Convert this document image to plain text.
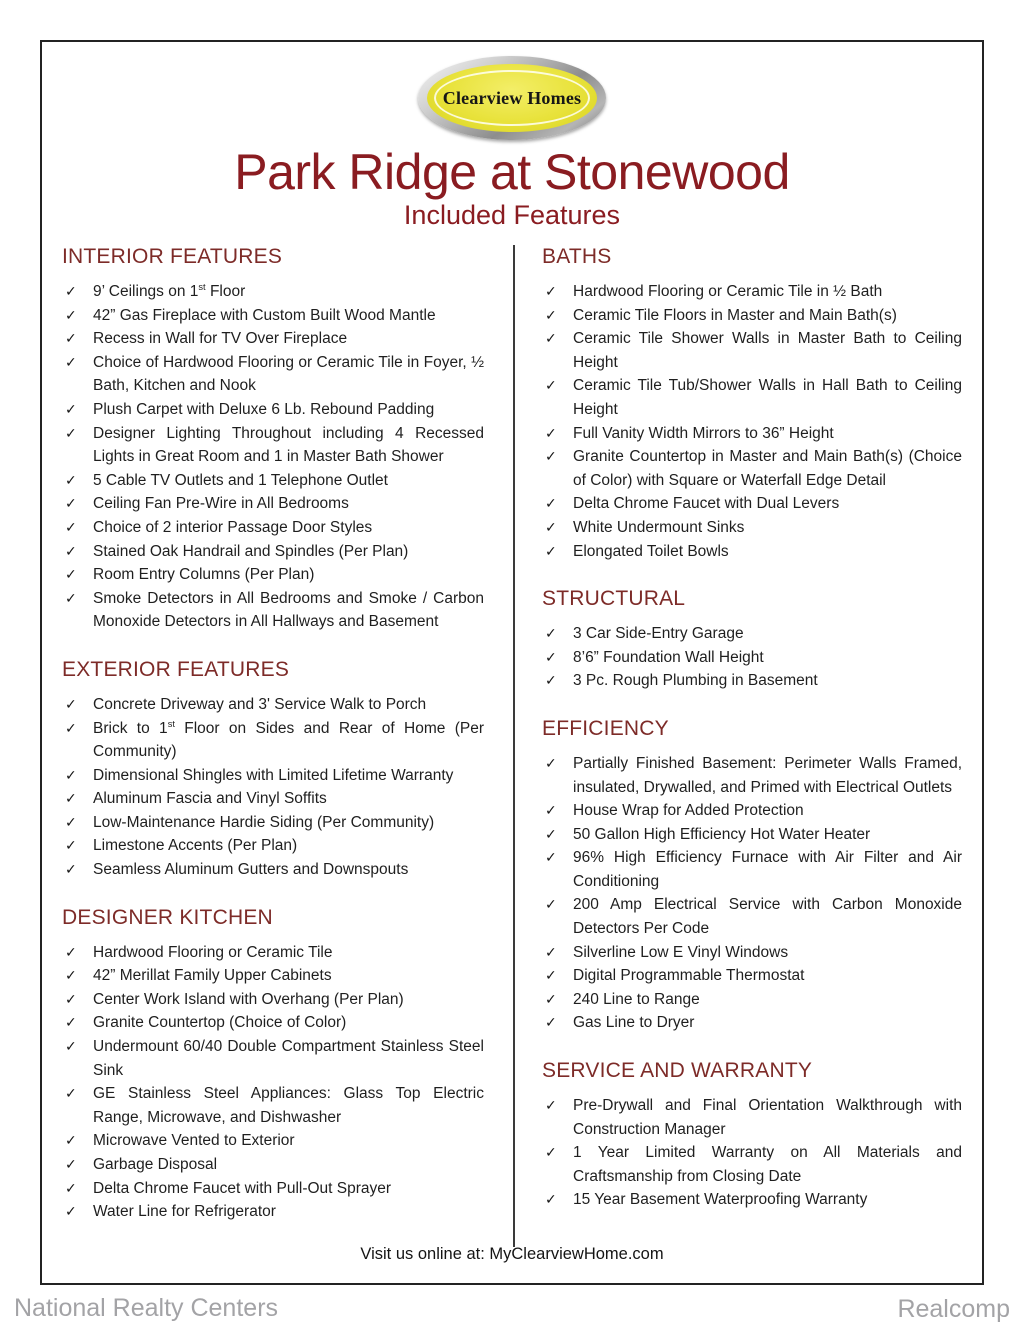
Clearview Homes
Park Ridge at Stonewood
Included Features
INTERIOR FEATURES
✓ 9’ Ceilings on 1st Floor
✓ 42” Gas Fireplace with Custom Built Wood Mantle
✓ Recess in Wall for TV Over Fireplace
✓ Choice of Hardwood Flooring or Ceramic Tile in Foyer, ½ Bath, Kitchen and Nook
✓ Plush Carpet with Deluxe 6 Lb. Rebound Padding
✓ Designer Lighting Throughout including 4 Recessed Lights in Great Room and 1 in Master Bath Shower
✓ 5 Cable TV Outlets and 1 Telephone Outlet
✓ Ceiling Fan Pre-Wire in All Bedrooms
✓ Choice of 2 interior Passage Door Styles
✓ Stained Oak Handrail and Spindles (Per Plan)
✓ Room Entry Columns (Per Plan)
✓ Smoke Detectors in All Bedrooms and Smoke / Carbon Monoxide Detectors in All Hallways and Basement
EXTERIOR FEATURES
✓ Concrete Driveway and 3' Service Walk to Porch
✓ Brick to 1st Floor on Sides and Rear of Home (Per Community)
✓ Dimensional Shingles with Limited Lifetime Warranty
✓ Aluminum Fascia and Vinyl Soffits
✓ Low-Maintenance Hardie Siding (Per Community)
✓ Limestone Accents (Per Plan)
✓ Seamless Aluminum Gutters and Downspouts
DESIGNER KITCHEN
✓ Hardwood Flooring or Ceramic Tile
✓ 42” Merillat Family Upper Cabinets
✓ Center Work Island with Overhang (Per Plan)
✓ Granite Countertop (Choice of Color)
✓ Undermount 60/40 Double Compartment Stainless Steel Sink
✓ GE Stainless Steel Appliances: Glass Top Electric Range, Microwave, and Dishwasher
✓ Microwave Vented to Exterior
✓ Garbage Disposal
✓ Delta Chrome Faucet with Pull-Out Sprayer
✓ Water Line for Refrigerator
BATHS
✓ Hardwood Flooring or Ceramic Tile in ½ Bath
✓ Ceramic Tile Floors in Master and Main Bath(s)
✓ Ceramic Tile Shower Walls in Master Bath to Ceiling Height
✓ Ceramic Tile Tub/Shower Walls in Hall Bath to Ceiling Height
✓ Full Vanity Width Mirrors to 36” Height
✓ Granite Countertop in Master and Main Bath(s) (Choice of Color) with Square or Waterfall Edge Detail
✓ Delta Chrome Faucet with Dual Levers
✓ White Undermount Sinks
✓ Elongated Toilet Bowls
STRUCTURAL
✓ 3 Car Side-Entry Garage
✓ 8’6” Foundation Wall Height
✓ 3 Pc. Rough Plumbing in Basement
EFFICIENCY
✓ Partially Finished Basement: Perimeter Walls Framed, insulated, Drywalled, and Primed with Electrical Outlets
✓ House Wrap for Added Protection
✓ 50 Gallon High Efficiency Hot Water Heater
✓ 96% High Efficiency Furnace with Air Filter and Air Conditioning
✓ 200 Amp Electrical Service with Carbon Monoxide Detectors Per Code
✓ Silverline Low E Vinyl Windows
✓ Digital Programmable Thermostat
✓ 240 Line to Range
✓ Gas Line to Dryer
SERVICE AND WARRANTY
✓ Pre-Drywall and Final Orientation Walkthrough with Construction Manager
✓ 1 Year Limited Warranty on All Materials and Craftsmanship from Closing Date
✓ 15 Year Basement Waterproofing Warranty
Visit us online at: MyClearviewHome.com
National Realty Centers	Realcomp
